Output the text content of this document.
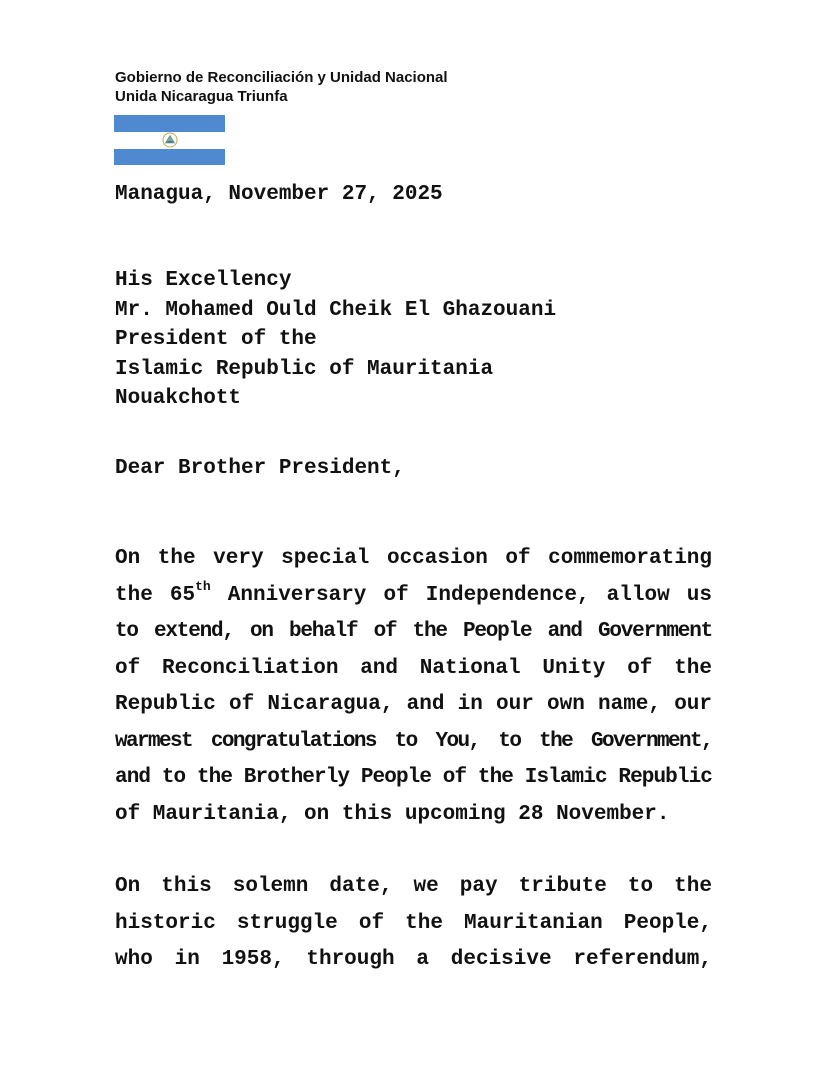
Gobierno de Reconciliación y Unidad Nacional
Unida Nicaragua Triunfa
Managua, November 27, 2025
His Excellency
Mr. Mohamed Ould Cheik El Ghazouani
President of the
Islamic Republic of Mauritania
Nouakchott
Dear Brother President,
On the very special occasion of commemorating
the 65th Anniversary of Independence, allow us
to extend, on behalf of the People and Government
of Reconciliation and National Unity of the
Republic of Nicaragua, and in our own name, our
warmest congratulations to You, to the Government,
and to the Brotherly People of the Islamic Republic
of Mauritania, on this upcoming 28 November.
On this solemn date, we pay tribute to the
historic struggle of the Mauritanian People,
who in 1958, through a decisive referendum,
